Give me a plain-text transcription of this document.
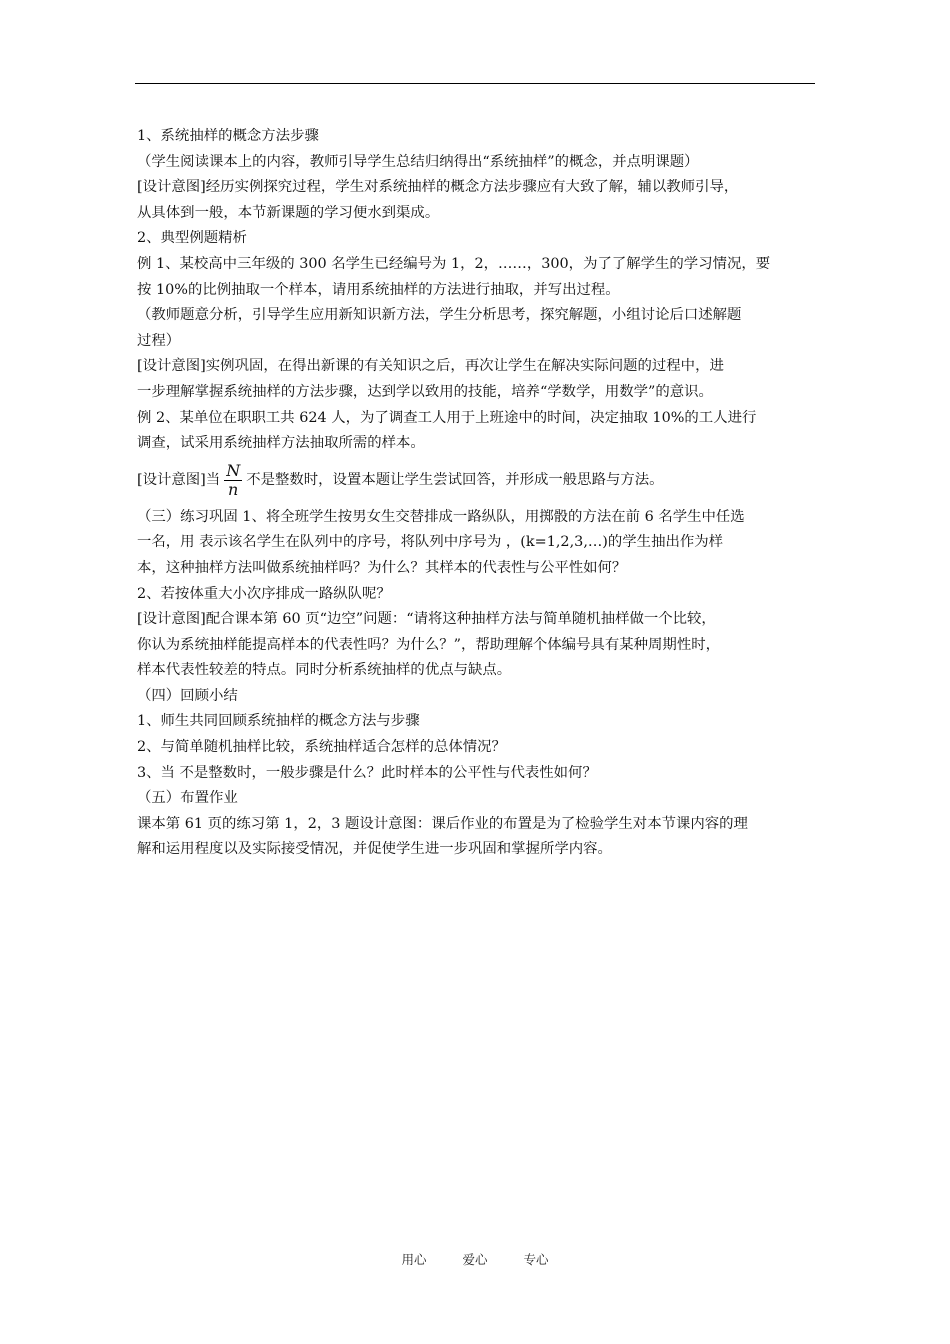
1、系统抽样的概念方法步骤
（学生阅读课本上的内容，教师引导学生总结归纳得出“系统抽样”的概念，并点明课题）
[设计意图]经历实例探究过程，学生对系统抽样的概念方法步骤应有大致了解，辅以教师引导，
从具体到一般，本节新课题的学习便水到渠成。
2、典型例题精析
例 1、某校高中三年级的 300 名学生已经编号为 1，2，……，300，为了了解学生的学习情况，要
按 10%的比例抽取一个样本，请用系统抽样的方法进行抽取，并写出过程。
（教师题意分析，引导学生应用新知识新方法，学生分析思考，探究解题，小组讨论后口述解题
过程）
[设计意图]实例巩固，在得出新课的有关知识之后，再次让学生在解决实际问题的过程中，进
一步理解掌握系统抽样的方法步骤，达到学以致用的技能，培养“学数学，用数学”的意识。
例 2、某单位在职职工共 624 人，为了调查工人用于上班途中的时间，决定抽取 10%的工人进行
调查，试采用系统抽样方法抽取所需的样本。
[设计意图]当 $\frac{N}{n}$ 不是整数时，设置本题让学生尝试回答，并形成一般思路与方法。
（三）练习巩固 1、将全班学生按男女生交替排成一路纵队，用掷骰的方法在前 6 名学生中任选
一名，用 表示该名学生在队列中的序号，将队列中序号为 ，(k=1,2,3,…)的学生抽出作为样
本，这种抽样方法叫做系统抽样吗？为什么？其样本的代表性与公平性如何？
2、若按体重大小次序排成一路纵队呢？
[设计意图]配合课本第 60 页“边空”问题：“请将这种抽样方法与简单随机抽样做一个比较，
你认为系统抽样能提高样本的代表性吗？为什么？”，帮助理解个体编号具有某种周期性时，
样本代表性较差的特点。同时分析系统抽样的优点与缺点。
（四）回顾小结
1、师生共同回顾系统抽样的概念方法与步骤
2、与简单随机抽样比较，系统抽样适合怎样的总体情况？
3、当 不是整数时，一般步骤是什么？此时样本的公平性与代表性如何？
（五）布置作业
课本第 61 页的练习第 1，2，3 题设计意图：课后作业的布置是为了检验学生对本节课内容的理
解和运用程度以及实际接受情况，并促使学生进一步巩固和掌握所学内容。
用心	爱心	专心
